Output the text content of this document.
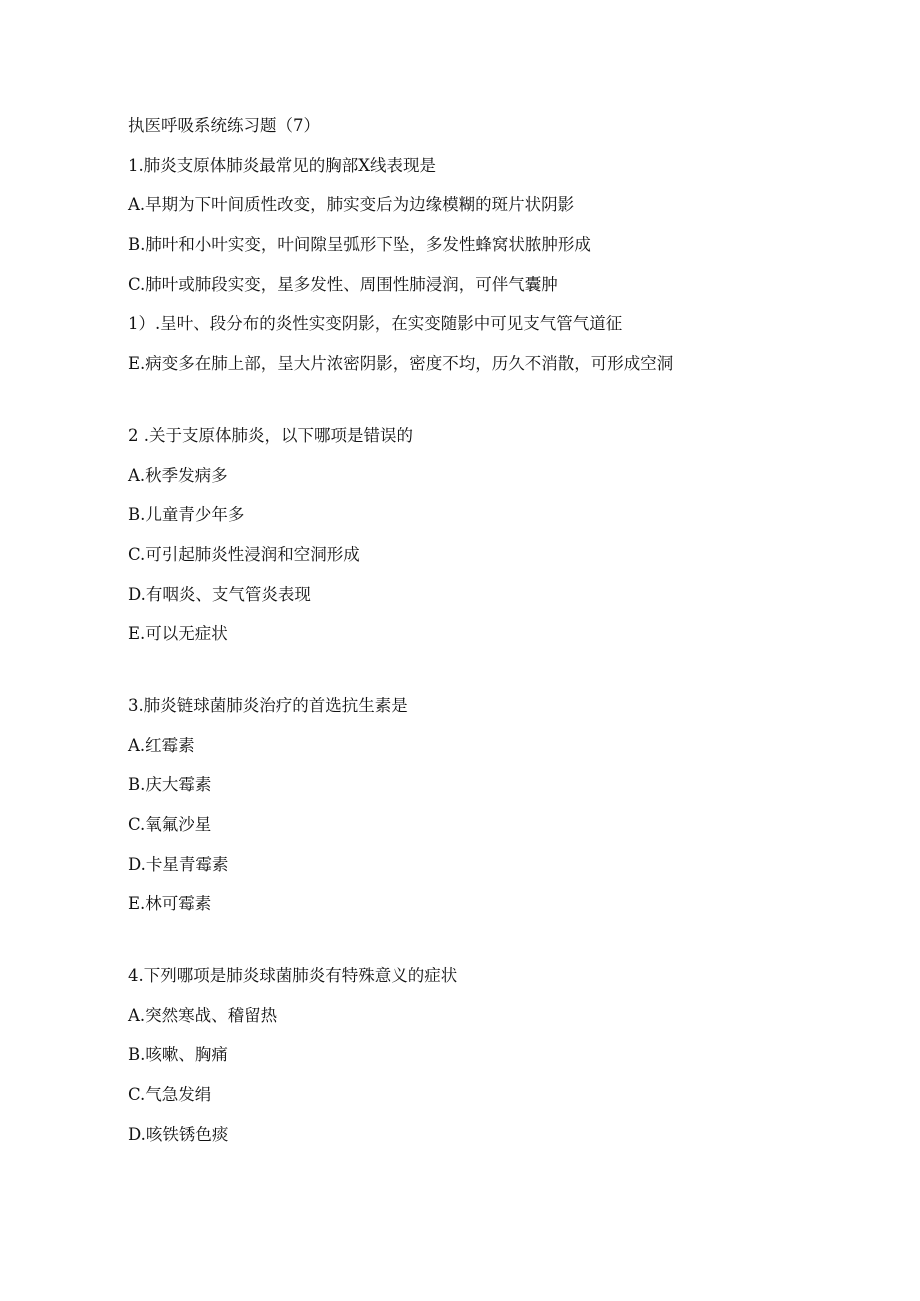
执医呼吸系统练习题（7）
1.肺炎支原体肺炎最常见的胸部X线表现是
A.早期为下叶间质性改变，肺实变后为边缘模糊的斑片状阴影
B.肺叶和小叶实变，叶间隙呈弧形下坠，多发性蜂窝状脓肿形成
C.肺叶或肺段实变，星多发性、周围性肺浸润，可伴气囊肿
1）.呈叶、段分布的炎性实变阴影，在实变随影中可见支气管气道征
E.病变多在肺上部，呈大片浓密阴影，密度不均，历久不消散，可形成空洞
2 .关于支原体肺炎，以下哪项是错误的
A.秋季发病多
B.儿童青少年多
C.可引起肺炎性浸润和空洞形成
D.有咽炎、支气管炎表现
E.可以无症状
3.肺炎链球菌肺炎治疗的首选抗生素是
A.红霉素
B.庆大霉素
C.氧氟沙星
D.卡星青霉素
E.林可霉素
4.下列哪项是肺炎球菌肺炎有特殊意义的症状
A.突然寒战、稽留热
B.咳嗽、胸痛
C.气急发绢
D.咳铁锈色痰
